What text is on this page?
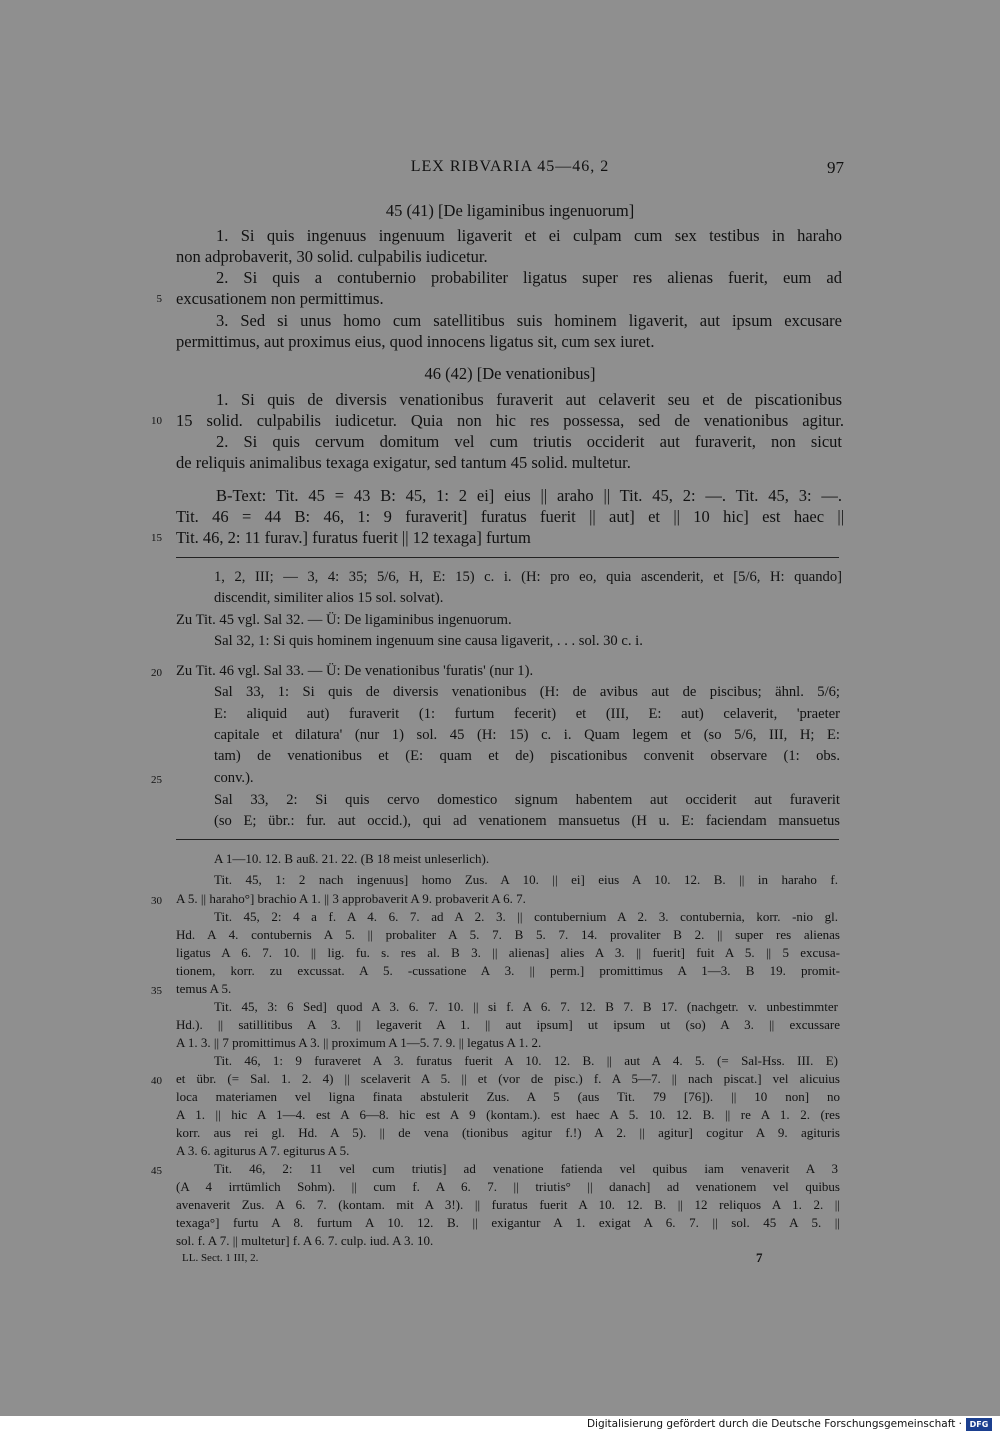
LEX RIBVARIA 45—46, 2	97
45 (41) [De ligaminibus ingenuorum]
1. Si quis ingenuus ingenuum ligaverit et ei culpam cum sex testibus in haraho
non adprobaverit, 30 solid. culpabilis iudicetur.
2. Si quis a contubernio probabiliter ligatus super res alienas fuerit, eum ad
5 excusationem non permittimus.
3. Sed si unus homo cum satellitibus suis hominem ligaverit, aut ipsum excusare
permittimus, aut proximus eius, quod innocens ligatus sit, cum sex iuret.
46 (42) [De venationibus]
1. Si quis de diversis venationibus furaverit aut celaverit seu et de piscationibus
10 15 solid. culpabilis iudicetur. Quia non hic res possessa, sed de venationibus agitur.
2. Si quis cervum domitum vel cum triutis occiderit aut furaverit, non sicut
de reliquis animalibus texaga exigatur, sed tantum 45 solid. multetur.
B-Text: Tit. 45 = 43 B: 45, 1: 2 ei] eius || araho || Tit. 45, 2: —. Tit. 45, 3: —.
Tit. 46 = 44 B: 46, 1: 9 furaverit] furatus fuerit || aut] et || 10 hic] est haec ||
15 Tit. 46, 2: 11 furav.] furatus fuerit || 12 texaga] furtum
1, 2, III; — 3, 4: 35; 5/6, H, E: 15) c. i. (H: pro eo, quia ascenderit, et [5/6, H: quando]
discendit, similiter alios 15 sol. solvat).
Zu Tit. 45 vgl. Sal 32. — Ü: De ligaminibus ingenuorum.
Sal 32, 1: Si quis hominem ingenuum sine causa ligaverit, . . . sol. 30 c. i.
20 Zu Tit. 46 vgl. Sal 33. — Ü: De venationibus 'furatis' (nur 1).
Sal 33, 1: Si quis de diversis venationibus (H: de avibus aut de piscibus; ähnl. 5/6;
E: aliquid aut) furaverit (1: furtum fecerit) et (III, E: aut) celaverit, 'praeter
capitale et dilatura' (nur 1) sol. 45 (H: 15) c. i. Quam legem et (so 5/6, III, H; E:
tam) de venationibus et (E: quam et de) piscationibus convenit observare (1: obs.
25	conv.).
Sal 33, 2: Si quis cervo domestico signum habentem aut occiderit aut furaverit
(so E; übr.: fur. aut occid.), qui ad venationem mansuetus (H u. E: faciendam mansuetus
A 1—10. 12. B auß. 21. 22. (B 18 meist unleserlich).
Tit. 45, 1: 2 nach ingenuus] homo Zus. A 10. || ei] eius A 10. 12. B. || in haraho f.
30 A 5. || haraho°] brachio A 1. || 3 approbaverit A 9. probaverit A 6. 7.
Tit. 45, 2: 4 a f. A 4. 6. 7. ad A 2. 3. || contubernium A 2. 3. contubernia, korr. -nio gl.
Hd. A 4. contubernis A 5. || probaliter A 5. 7. B 5. 7. 14. provaliter B 2. || super res alienas
ligatus A 6. 7. 10. || lig. fu. s. res al. B 3. || alienas] alies A 3. || fuerit] fuit A 5. || 5 excusa-
tionem, korr. zu excussat. A 5. -cussatione A 3. || perm.] promittimus A 1—3. B 19. promit-
35 temus A 5.
Tit. 45, 3: 6 Sed] quod A 3. 6. 7. 10. || si f. A 6. 7. 12. B 7. B 17. (nachgetr. v. unbestimmter
Hd.). || satillitibus A 3. || legaverit A 1. || aut ipsum] ut ipsum ut (so) A 3. || excussare
A 1. 3. || 7 promittimus A 3. || proximum A 1—5. 7. 9. || legatus A 1. 2.
Tit. 46, 1: 9 furaveret A 3. furatus fuerit A 10. 12. B. || aut A 4. 5. (= Sal-Hss. III. E)
40 et übr. (= Sal. 1. 2. 4) || scelaverit A 5. || et (vor de pisc.) f. A 5—7. || nach piscat.] vel alicuius
loca materiamen vel ligna finata abstulerit Zus. A 5 (aus Tit. 79 [76]). || 10 non] no
A 1. || hic A 1—4. est A 6—8. hic est A 9 (kontam.). est haec A 5. 10. 12. B. || re A 1. 2. (res
korr. aus rei gl. Hd. A 5). || de vena (tionibus agitur f.!) A 2. || agitur] cogitur A 9. agituris
A 3. 6. agiturus A 7. egiturus A 5.
45	Tit. 46, 2: 11 vel cum triutis] ad venatione fatienda vel quibus iam venaverit A 3
(A 4 irrtümlich Sohm). || cum f. A 6. 7. || triutis° || danach] ad venationem vel quibus
avenaverit Zus. A 6. 7. (kontam. mit A 3!). || furatus fuerit A 10. 12. B. || 12 reliquos A 1. 2. ||
texaga°] furtu A 8. furtum A 10. 12. B. || exigantur A 1. exigat A 6. 7. || sol. 45 A 5. ||
sol. f. A 7. || multetur] f. A 6. 7. culp. iud. A 3. 10.
LL. Sect. 1 III, 2.	7
Digitalisierung gefördert durch die Deutsche Forschungsgemeinschaft · DFG
